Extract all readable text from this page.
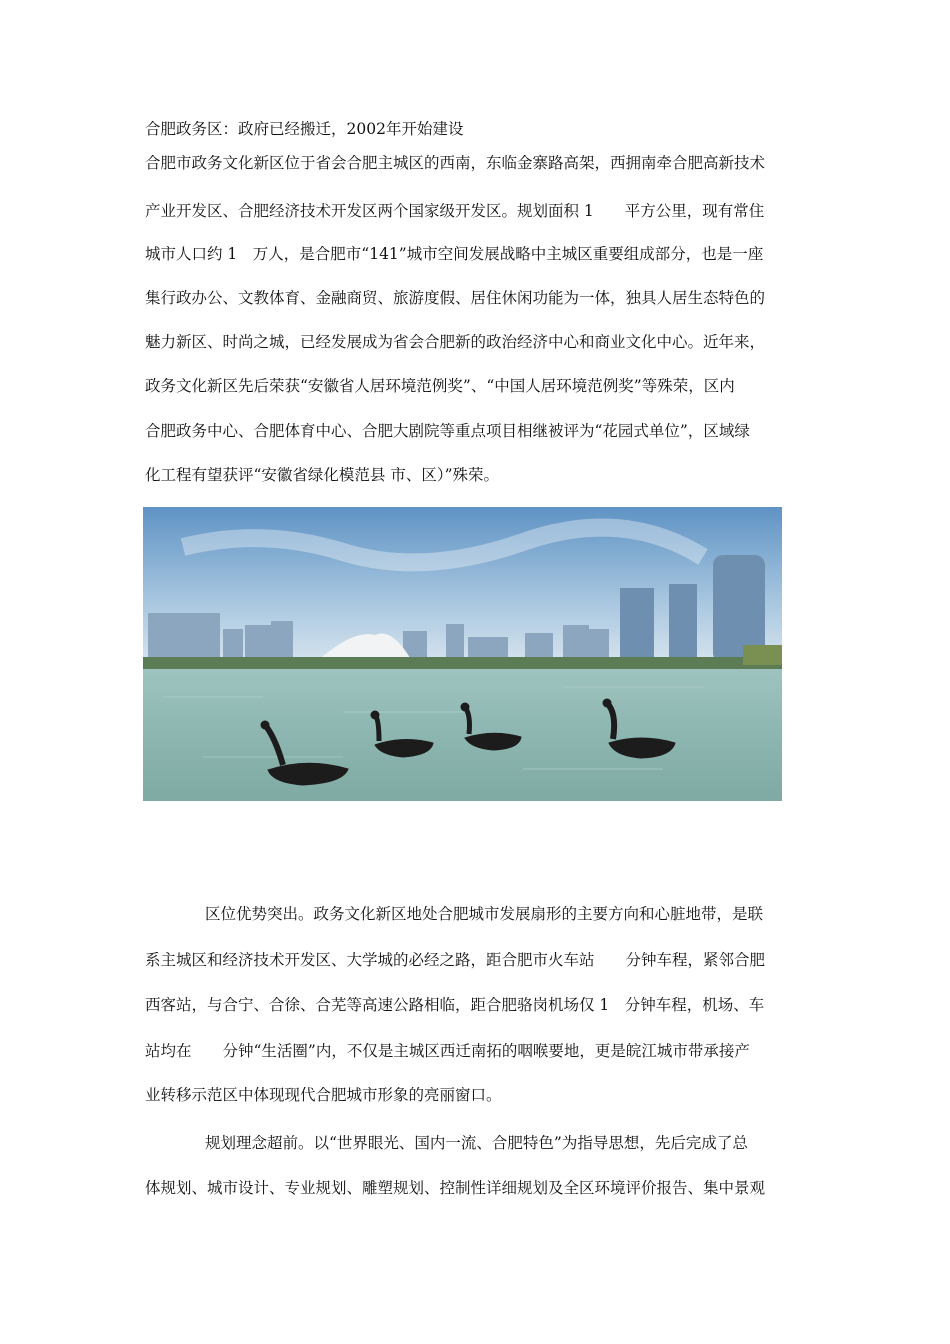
合肥政务区：政府已经搬迁，2002年开始建设
合肥市政务文化新区位于省会合肥主城区的西南，东临金寨路高架，西拥南牵合肥高新技术
产业开发区、合肥经济技术开发区两个国家级开发区。规划面积 1　　平方公里，现有常住
城市人口约 1　万人，是合肥市“141”城市空间发展战略中主城区重要组成部分，也是一座
集行政办公、文教体育、金融商贸、旅游度假、居住休闲功能为一体，独具人居生态特色的
魅力新区、时尚之城，已经发展成为省会合肥新的政治经济中心和商业文化中心。近年来，
政务文化新区先后荣获“安徽省人居环境范例奖”、“中国人居环境范例奖”等殊荣，区内
合肥政务中心、合肥体育中心、合肥大剧院等重点项目相继被评为“花园式单位”，区域绿
化工程有望获评“安徽省绿化模范县 市、区）”殊荣。
区位优势突出。政务文化新区地处合肥城市发展扇形的主要方向和心脏地带，是联
系主城区和经济技术开发区、大学城的必经之路，距合肥市火车站　　分钟车程，紧邻合肥
西客站，与合宁、合徐、合芜等高速公路相临，距合肥骆岗机场仅 1　分钟车程，机场、车
站均在　　分钟“生活圈”内，不仅是主城区西迁南拓的咽喉要地，更是皖江城市带承接产
业转移示范区中体现现代合肥城市形象的亮丽窗口。
规划理念超前。以“世界眼光、国内一流、合肥特色”为指导思想，先后完成了总
体规划、城市设计、专业规划、雕塑规划、控制性详细规划及全区环境评价报告、集中景观
